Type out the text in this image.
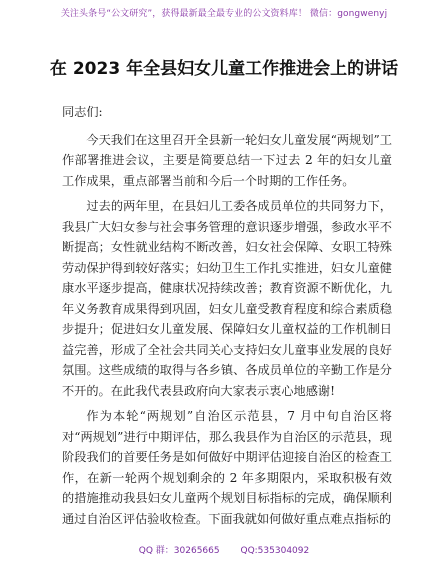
关注头条号“公文研究”，获得最新最全最专业的公文资料库！ 微信：gongwenyj
在 2023 年全县妇女儿童工作推进会上的讲话

同志们:

今天我们在这里召开全县新一轮妇女儿童发展“两规划”工作部署推进会议，主要是简要总结一下过去 2 年的妇女儿童工作成果，重点部署当前和今后一个时期的工作任务。

过去的两年里，在县妇儿工委各成员单位的共同努力下，我县广大妇女参与社会事务管理的意识逐步增强，参政水平不断提高；女性就业结构不断改善，妇女社会保障、女职工特殊劳动保护得到较好落实；妇幼卫生工作扎实推进，妇女儿童健康水平逐步提高，健康状况持续改善；教育资源不断优化，九年义务教育成果得到巩固，妇女儿童受教育程度和综合素质稳步提升；促进妇女儿童发展、保障妇女儿童权益的工作机制日益完善，形成了全社会共同关心支持妇女儿童事业发展的良好氛围。这些成绩的取得与各乡镇、各成员单位的辛勤工作是分不开的。在此我代表县政府向大家表示衷心地感谢!

作为本轮“两规划”自治区示范县，7 月中旬自治区将对“两规划”进行中期评估，那么我县作为自治区的示范县，现阶段我们的首要任务是如何做好中期评估迎接自治区的检查工作，在新一轮两个规划剩余的 2 年多期限内，采取积极有效的措施推动我县妇女儿童两个规划目标指标的完成，确保顺利通过自治区评估验收检查。下面我就如何做好重点难点指标的

QQ 群：30265665 QQ:535304092
